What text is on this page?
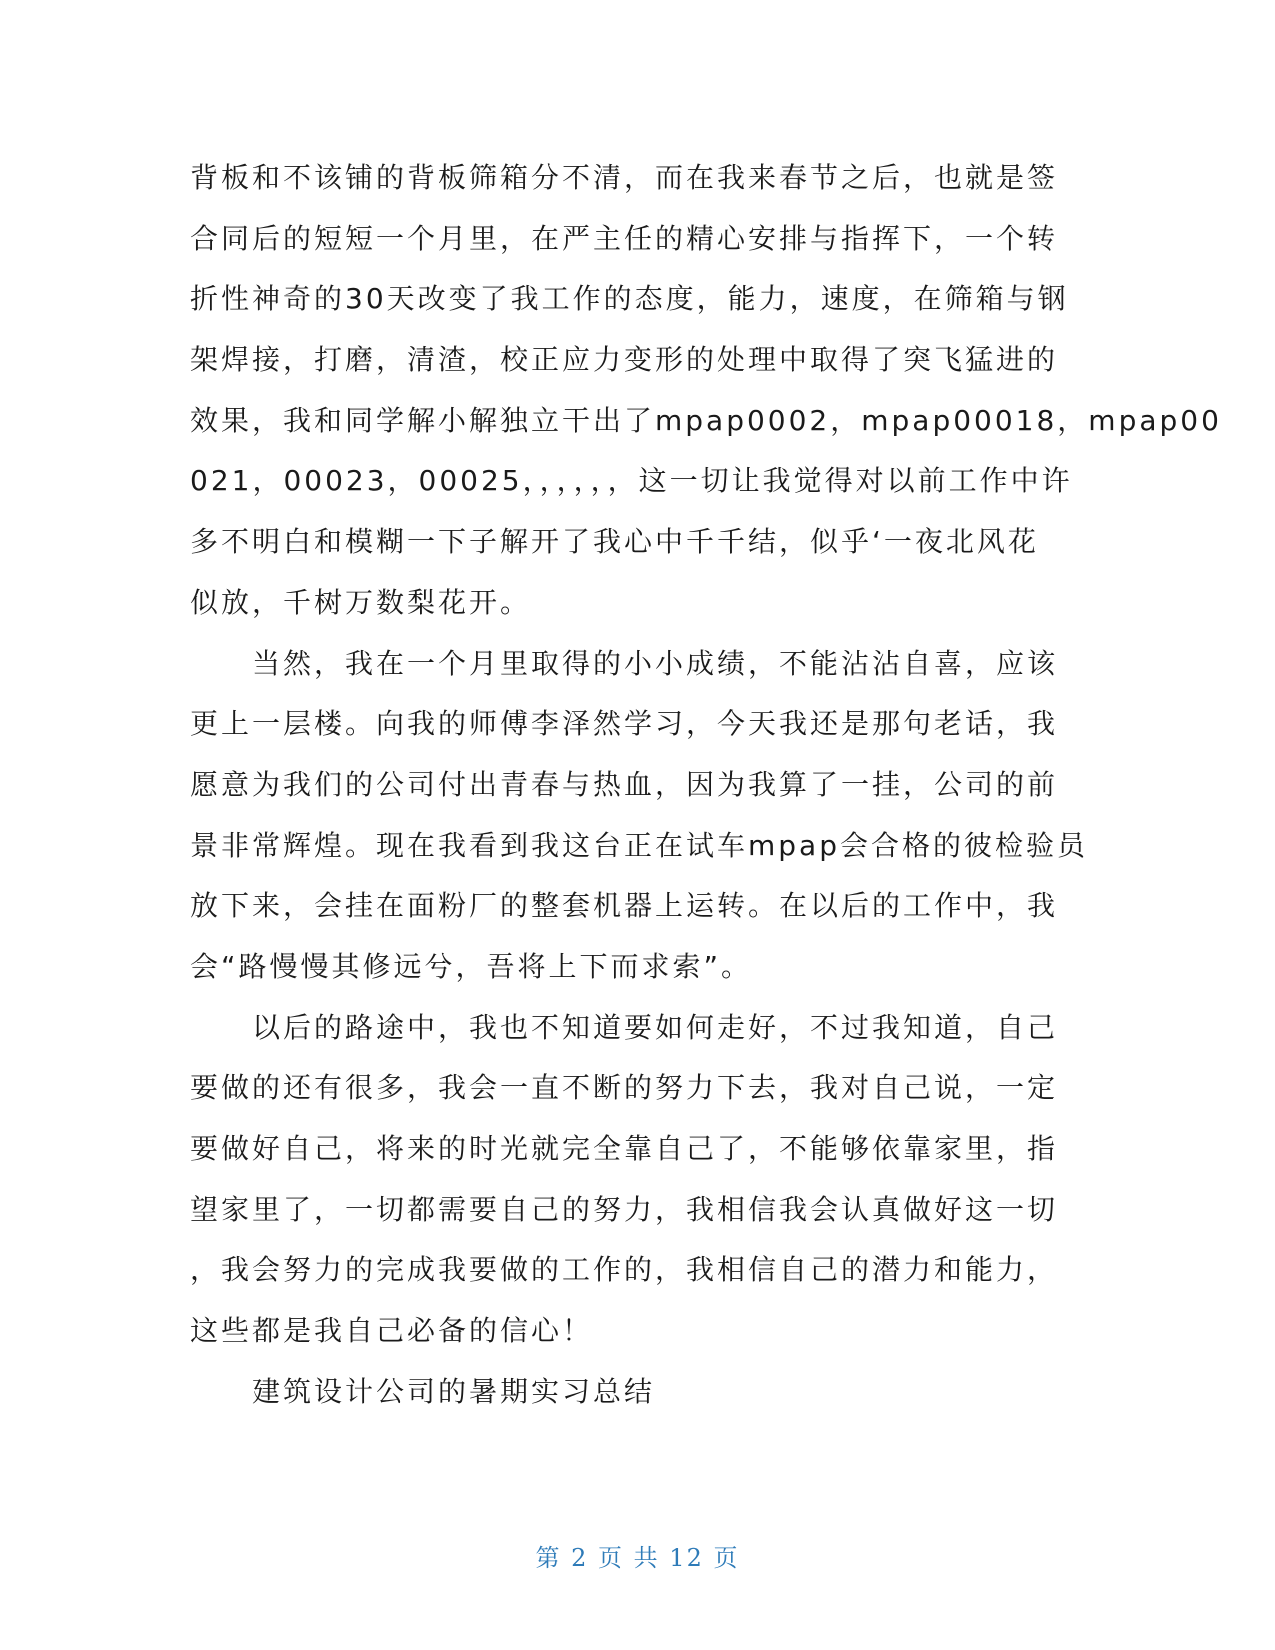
背板和不该铺的背板筛箱分不清，而在我来春节之后，也就是签
合同后的短短一个月里，在严主任的精心安排与指挥下，一个转
折性神奇的30天改变了我工作的态度，能力，速度，在筛箱与钢
架焊接，打磨，清渣，校正应力变形的处理中取得了突飞猛进的
效果，我和同学解小解独立干出了mpap0002，mpap00018，mpap00
021，00023，00025，，，，，，这一切让我觉得对以前工作中许
多不明白和模糊一下子解开了我心中千千结，似乎‘一夜北风花
似放，千树万数梨花开。
　　当然，我在一个月里取得的小小成绩，不能沾沾自喜，应该
更上一层楼。向我的师傅李泽然学习，今天我还是那句老话，我
愿意为我们的公司付出青春与热血，因为我算了一挂，公司的前
景非常辉煌。现在我看到我这台正在试车mpap会合格的彼检验员
放下来，会挂在面粉厂的整套机器上运转。在以后的工作中，我
会“路慢慢其修远兮，吾将上下而求索”。
　　以后的路途中，我也不知道要如何走好，不过我知道，自己
要做的还有很多，我会一直不断的努力下去，我对自己说，一定
要做好自己，将来的时光就完全靠自己了，不能够依靠家里，指
望家里了，一切都需要自己的努力，我相信我会认真做好这一切
，我会努力的完成我要做的工作的，我相信自己的潜力和能力，
这些都是我自己必备的信心！
　　建筑设计公司的暑期实习总结
第 2 页 共 12 页
